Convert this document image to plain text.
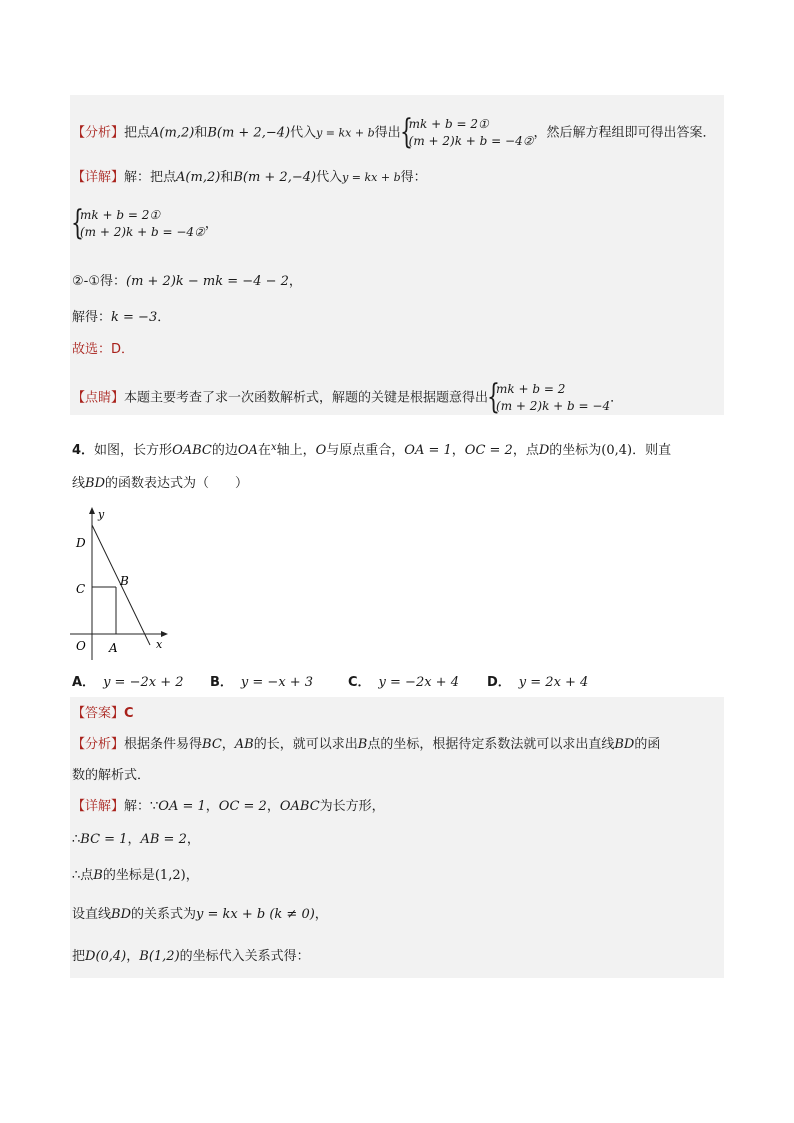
【分析】把点A(m,2)和B(m + 2,−4)代入y = kx + b得出 {
mk + b = 2①
(m + 2)k + b = −4②，然后解方程组即可得出答案．
【详解】解：把点A(m,2)和B(m + 2,−4)代入y = kx + b得：
{
mk + b = 2①
(m + 2)k + b = −4②，
②-①得：(m + 2)k − mk = −4 − 2，
解得：k = −3．
故选：D．
【点睛】本题主要考查了求一次函数解析式，解题的关键是根据题意得出 {
mk + b = 2
(m + 2)k + b = −4．
4．如图，长方形OABC的边OA在$^x$轴上，O与原点重合，OA = 1，OC = 2，点D的坐标为(0,4)．则直
线BD的函数表达式为（　　）
y
D
C
B
O A	x
A． y = −2x + 2 B． y = −x + 3	C． y = −2x + 4 D． y = 2x + 4
【答案】C
【分析】根据条件易得BC，AB的长，就可以求出B点的坐标，根据待定系数法就可以求出直线BD的函
数的解析式．
【详解】解：∵OA = 1，OC = 2，OABC为长方形，
∴BC = 1，AB = 2，
∴点B的坐标是(1,2)，
设直线BD的关系式为y = kx + b (k ≠ 0)，
把D(0,4)，B(1,2)的坐标代入关系式得：
